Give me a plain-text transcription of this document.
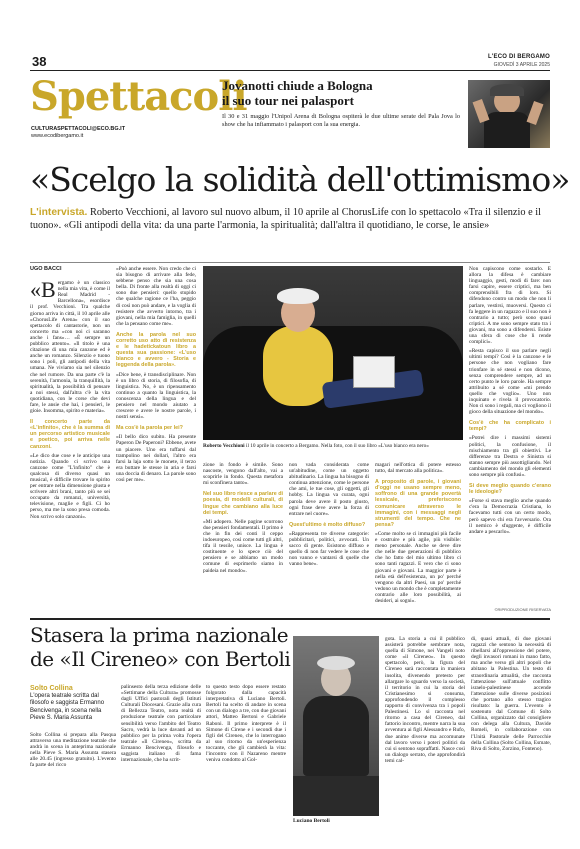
38	L'ECO DI BERGAMO
GIOVEDÌ 3 APRILE 2025
Spettacoli
CULTURASPETTACOLI@ECO.BG.IT
www.ecodibergamo.it
Jovanotti chiude a Bologna
il suo tour nei palasport
Il 30 e 31 maggio l'Unipol Arena di Bologna ospiterà le due ultime serate del Pala Jova lo show che ha infiammato i palasport con la sua energia.
«Scelgo la solidità dell'ottimismo»
L'intervista. Roberto Vecchioni, al lavoro sul nuovo album, il 10 aprile al ChorusLife con lo spettacolo «Tra il silenzio e il tuono». «Gli antipodi della vita: da una parte l'armonia, la spiritualità; dall'altra il quotidiano, le corse, le ansie»
UGO BACCI
«B ergamo è un classico nella mia vita, è come il Real Madrid - Barcellona», esordisce il prof. Vecchioni. Tra qualche giorno arriva in città, il 10 aprile alle «ChorusLife Arena» con il suo spettacolo di cantastorie, non un concerto ma «con noi ci saranno anche i fans»… «È sempre un pubblico attento». «Il titolo è una citazione di una mia canzone ed è anche un romanzo. Silenzio e tuono sono i poli, gli antipodi della vita umana. Ne viviamo sia nel silenzio che nel rumore. Da una parte c'è la serenità, l'armonia, la tranquillità, la spiritualità, la possibilità di pensare a noi stessi, dall'altra c'è la vita quotidiana, con le corse che devi fare, le ansie che hai, i pensieri, le gioie. Insomma, spirito e materia».
Il concerto parte da «L'infinito», che è la summa di un percorso artistico musicale e poetico, poi arriva nelle canzoni.
«Le dico due cose e le anticipo una notizia. Quando ci scrivo una canzone come "L'infinito" che è qualcosa di diverso quasi un musical, è difficile trovare lo spirito per entrare nella dimensione giusta e scrivere altri brani, tanto più se sei occupato da romanzi, università, televisione, maglie e figli. Ci ho perso, ma me la sono presa comoda. Non scrivo solo canzoni».
«Può anche essere. Non credo che ci sia bisogno di arrivare alla fede, sebbene penso che sia una cosa bella. Di fronte alla realtà di oggi ci sono due pensieri: quello stupido che qualche ragione ce l'ha, peggio di così non può andare, e la voglia di resistere che avverto intorno, tra i giovani, nella mia famiglia, in quelli che la pensano come me».
Anche la parola nel suo corretto uso atto di resistenza e le hadetickatoun libro a questa sua passione: «L'uso bianco e avvero - Storia e leggenda della parola».
«Dice bene, è transdisciplinare. Non è un libro di storia, di filosofia, di linguistica. No, è un ripensamento continuo a quanto la linguistica, la conoscenza della lingua e del pensiero nel mondo aiutato a crescere e avere le nostre parole, i nostri sensi».
Ma cos'è la parola per lei?
«Il bello dico subito. Ha presente Paperon De Paperoni? Ebbene, avete un piacere. Uno era tuffarsi dal trampolino nei dollari, l'altro era farsi la laja sotto le monete, il terzo era buttare le stesse in aria e farsi una doccia di denaro. La parole sono così per me».
Roberto Vecchioni il 10 aprile in concerto a Bergamo. Nella foto, con il suo libro «L'uso bianco era nero»
zione in fondo è simile. Sono nascoste, vengono dall'alto, vai a scoprirle in fondo. Questa metafora mi sconfinera tanto».
Nel suo libro riesce a parlare di poesia, di modelli culturali, di lingue che cambiano alla luce dei tempi.
«Mi adopero. Nelle pagine scorrono due pensieri fondamentali. Il primo è che in fin dei conti il ceppo indoeuropeo, così come tutti gli altri, tifa il tessile, unisce. La lingua è costituente e lo spece ciò del pensiero e se abbiamo un modo comune di esprimerlo siamo in paideia nel mondo».
non vada considerata come un'abitudine, come un oggetto abitudinario. La lingua ha bisogno di continua attenzione, come le persone che ami, le tue cose, gli oggetti, gli hobby. La lingua va curata, ogni parola deve avere il posto giusto, ogni frase deve avere la forza di entrare nel cuore».
Quest'ultimo è molto diffuso?
«Rappresenta tre diverse categorie: pubblicitari, politici, avvocati. Un sacco di gente. Esistono diffuso e quello di non far vedere le cose che non vanno e vantarsi di quelle che vanno bene».
magari nell'ottica di potere estesso tutto, dal mercato alla politica».
A proposito di parole, i giovani d'oggi ne usano sempre meno, soffrono di una grande povertà lessicale, preferiscono comunicare attraverso le immagini, con i messaggi negli strumenti del tempo. Che ne pensa?
«Come molto se ci immagini più facile e costruire e più agile, più visibile: meno personale. Anche se deve dire che nelle due generazioni di pubblico che ho fatto del mio ultimo libro ci sono tanti ragazzi. E vero che ci sono giovani e giovani. La maggior parte è nella età dell'esistenza, un po' perché vengono da altri Paesi, un po' perché vedono un mondo che è completamente contrario alle loro possibilità, ai desideri, ai sogni».
Non capiscono come sostarlo. E allora la difesa è cambiare linguaggio, gesti, modi di fare: non farsi capire, essere criptici, ma ben comprensibili fra di loro. Si difendono contro un modo che non li parlare, vestirsi, muoversi. Questo ci fa leggere in un ragazzo e il suo non è contrario a tutto; però sono quasi criptici. A me sono sempre stato tra i giovani, ma sono a difendersi. Esiste una sfera di cose che li rende complici».
«Resta capisco il suo parlare negli ultimi tempi? Così è la canzone e le persone che non vogliano fare trionfare in sé stessi e non dicono, senza comprendere sempre, ad un certo punto le loro parole. Ha sempre attribuito a sé come «mi prendo quello che voglio». Uno non inquinato e rivela il provocatorio. Non ci sono i regali, ma ci vogliono il gioco della situazione del mondo».
Cos'è che ha complicato i tempi?
«Potrei dire i massimi sistemi politici, la confusione, il mischiamento tra gli obiettivi. Le differenze tra Destra e Sinistra si stanno sempre più assottigliando. Nel cambiamento del mondo gli elementi sono sempre più confusi».
Si deve meglio quando c'erano le ideologie?
«Forse sì stava meglio anche quando c'era la Democrazia Cristiana, lo facevamo tutti con un certo modo, però sapevo chi era l'avversario. Ora il nemico è sfuggente, è difficile andare a pescarlo».
©RIPRODUZIONE RISERVATA
Stasera la prima nazionale
de «Il Cireneo» con Bertoli
Solto Collina
L'opera teatrale scritta dal filosofo e saggista Ermanno Bencivenga, in scena nella Pieve S. Maria Assunta
Solto Collina si prepara alla Pasqua attraverso una meditazione teatrale che andrà in scena in anteprima nazionale nella Pieve S. Maria Assunta stasera alle 20.45 (ingresso gratuito). L'evento fa parte del ricco
palinsesto della terza edizione delle «Settimane della Cultura» promosse dagli Uffici pastorali degli Istituti Culturali Diocesani. Grazie alla cura di Bellezza Teatro, nota realtà di produzione teatrale con particolare sensibilità verso l'ambito del Teatro Sacro, vedrà la luce davanti ad un pubblico per la prima volta l'opera teatrale «Il Cireneo», scritta da Ermanno Bencivenga, filosofo e saggista italiano di fama internazionale, che ha scrit-
to questo testo dopo essere restato folgorato dalla capacità interpretativa di Luciano Bertoli. Bertoli ha scelto di andare in scena con un dialogo a tre, con due giovani attori, Matteo Bertoni e Gabriele Raboni. Il primo interprete è il Simone di Cirene e i secondi due i figli del Cireneo, che lo interrogano al suo ritorno da un'esperienza toccante, che gli cambierà la vita: l'incontro con il Nazareno mentre veniva condotto al Gol-
Luciano Bertoli
gota. La storia a cui il pubblico assisterà potrebbe sembrare nota, quella di Simone, nei Vangeli noto come «il Cireneo». In questo spettacolo, però, la figura del Cireneo sarà raccontata in maniera insolita, divenendo pretesto per allargare lo sguardo verso la società, il territorio in cui la storia del Cristianesimo si consuma, approfondendo il complesso rapporto di convivenza tra i popoli Palestinesi. Lo sì racconta nel ritorno a casa del Cireneo, dal fattorio incontro, mentre narra la sua avventura ai figli Alessandro e Rufo, due anime diverse ma accomunate dal lavoro verso i poteri politici da cui si sentono sopraffatti. Nasce così un dialogo serrato, che approfondirà temi cal-
di, quasi attuali, di due giovani ragazzi che sentono la necessità di ribellarsi all'oppressione del potere, degli invasori romani in mano fatto, ma anche verso gli altri popoli che abitano la Palestina. Un testo di straordinaria attualità, che racconta l'attenzione sull'attuale conflitto israelo-palestinese accende l'attenzione sulle diverse posizioni che portano allo stesso tragico risultato: la guerra. L'evento è sostenuto dal Comune di Solto Collina, organizzato dal consigliere con delega alla Cultura, Davide Romeli, in collaborazione con l'Unità Pastorale delle Parrocchie della Collina (Solto Collina, Esmate, Riva di Solto, Zorzino, Fonteno).
